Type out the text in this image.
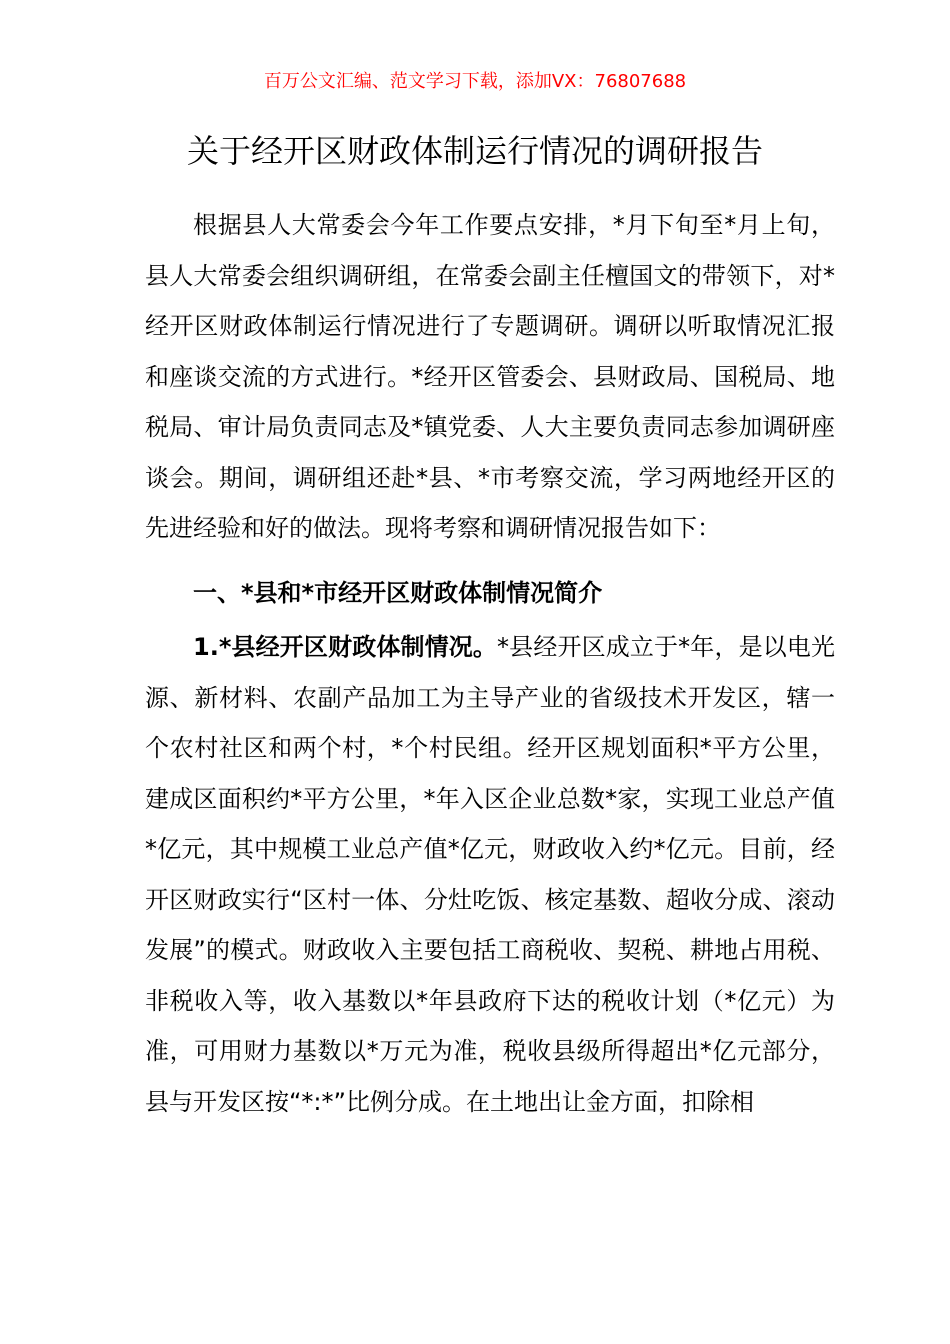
百万公文汇编、范文学习下载，添加VX：76807688
关于经开区财政体制运行情况的调研报告

根据县人大常委会今年工作要点安排，*月下旬至*月上旬，县人大常委会组织调研组，在常委会副主任檀国文的带领下，对*经开区财政体制运行情况进行了专题调研。调研以听取情况汇报和座谈交流的方式进行。*经开区管委会、县财政局、国税局、地税局、审计局负责同志及*镇党委、人大主要负责同志参加调研座谈会。期间，调研组还赴*县、*市考察交流，学习两地经开区的先进经验和好的做法。现将考察和调研情况报告如下：

一、*县和*市经开区财政体制情况简介

1.*县经开区财政体制情况。*县经开区成立于*年，是以电光源、新材料、农副产品加工为主导产业的省级技术开发区，辖一个农村社区和两个村，*个村民组。经开区规划面积*平方公里，建成区面积约*平方公里，*年入区企业总数*家，实现工业总产值*亿元，其中规模工业总产值*亿元，财政收入约*亿元。目前，经开区财政实行“区村一体、分灶吃饭、核定基数、超收分成、滚动发展”的模式。财政收入主要包括工商税收、契税、耕地占用税、非税收入等，收入基数以*年县政府下达的税收计划（*亿元）为准，可用财力基数以*万元为准，税收县级所得超出*亿元部分，县与开发区按“*:*”比例分成。在土地出让金方面，扣除相
